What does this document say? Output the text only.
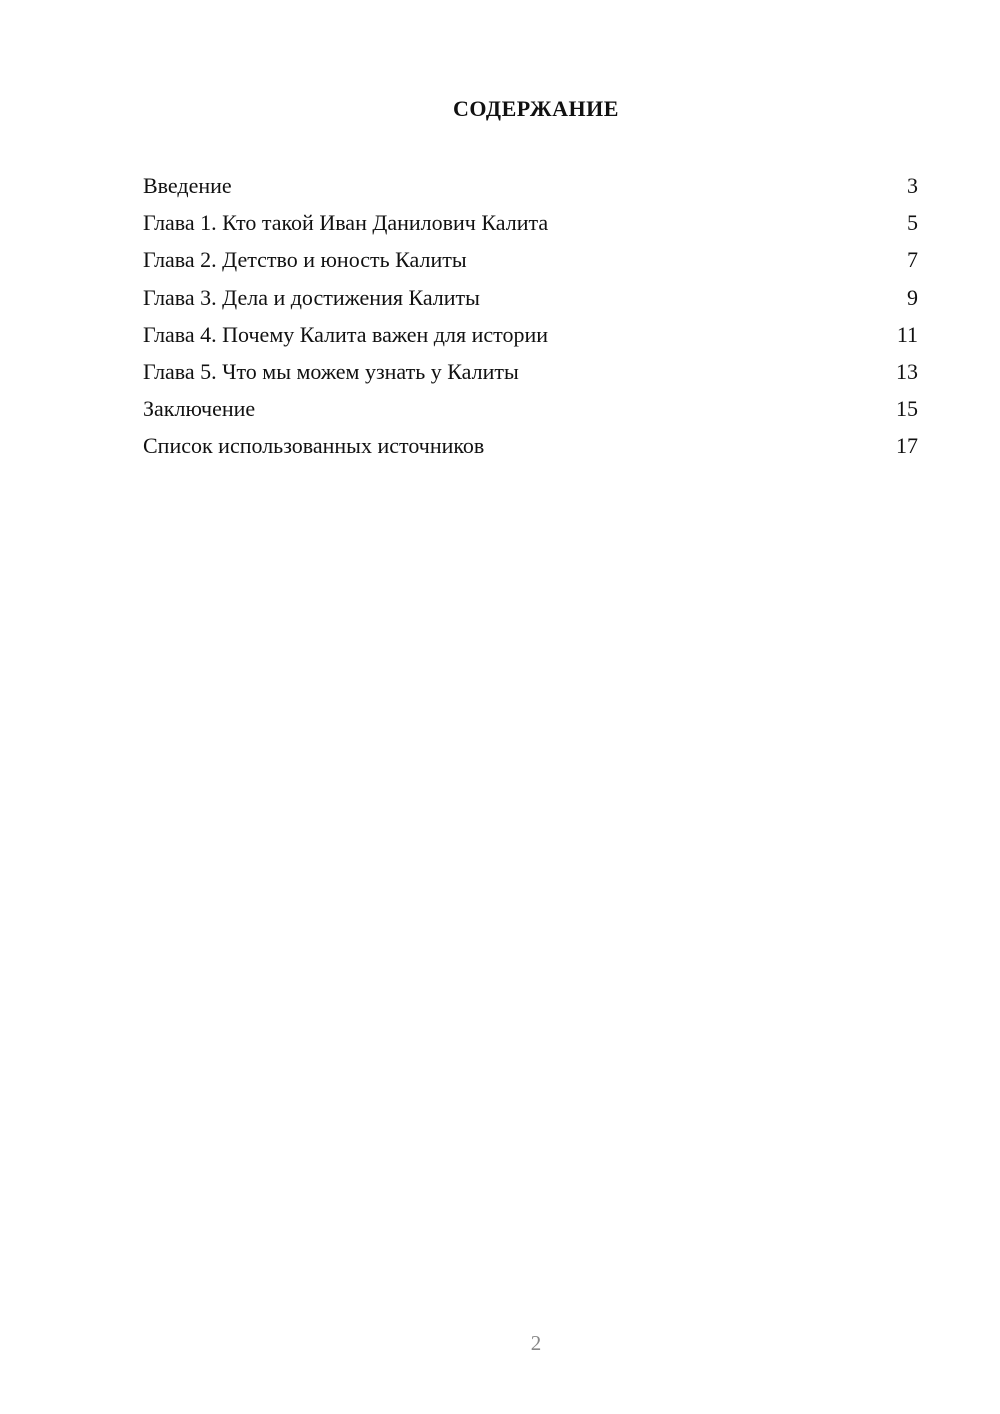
СОДЕРЖАНИЕ
Введение	3
Глава 1. Кто такой Иван Данилович Калита	5
Глава 2. Детство и юность Калиты	7
Глава 3. Дела и достижения Калиты	9
Глава 4. Почему Калита важен для истории	11
Глава 5. Что мы можем узнать у Калиты	13
Заключение	15
Список использованных источников	17
2
